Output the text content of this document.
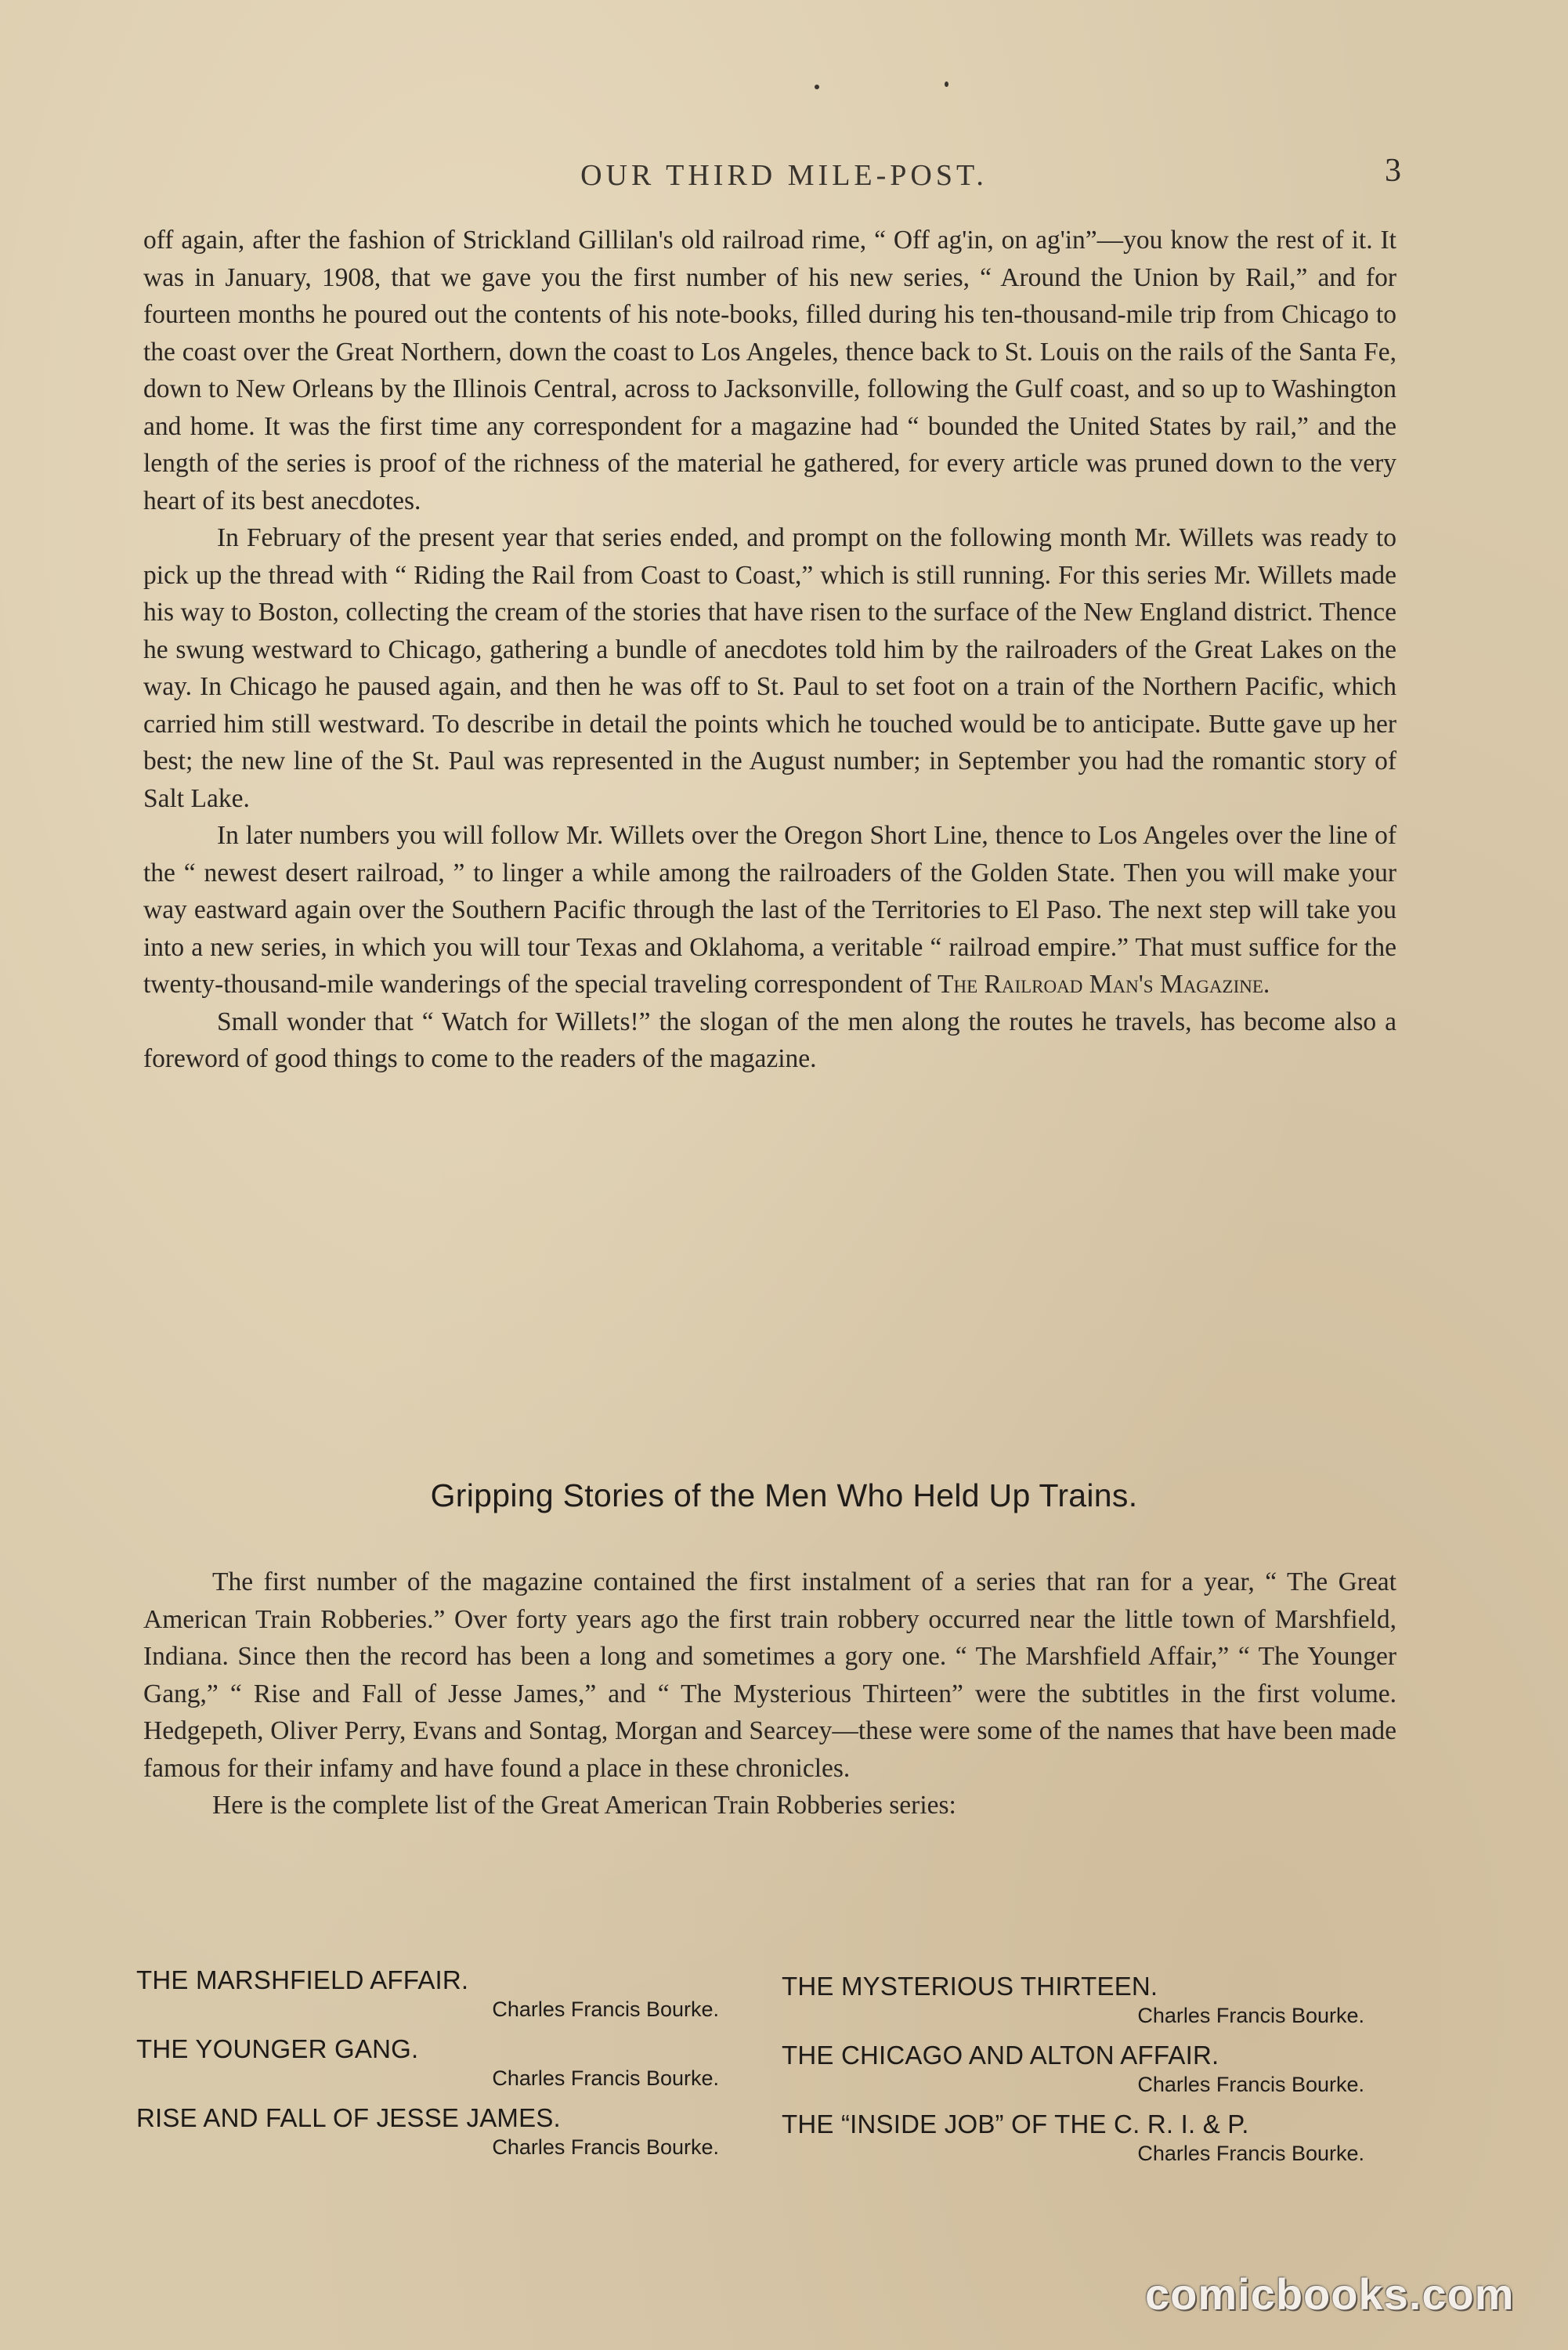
OUR THIRD MILE-POST.	3

off again, after the fashion of Strickland Gillilan's old railroad rime, “ Off ag'in, on ag'in”—you know the rest of it. It was in January, 1908, that we gave you the first number of his new series, “ Around the Union by Rail,” and for fourteen months he poured out the contents of his note-books, filled during his ten-thousand-mile trip from Chicago to the coast over the Great Northern, down the coast to Los Angeles, thence back to St. Louis on the rails of the Santa Fe, down to New Orleans by the Illinois Central, across to Jacksonville, following the Gulf coast, and so up to Washington and home. It was the first time any correspondent for a magazine had “ bounded the United States by rail,” and the length of the series is proof of the richness of the material he gathered, for every article was pruned down to the very heart of its best anecdotes.

In February of the present year that series ended, and prompt on the following month Mr. Willets was ready to pick up the thread with “ Riding the Rail from Coast to Coast,” which is still running. For this series Mr. Willets made his way to Boston, collecting the cream of the stories that have risen to the surface of the New England district. Thence he swung westward to Chicago, gathering a bundle of anecdotes told him by the railroaders of the Great Lakes on the way. In Chicago he paused again, and then he was off to St. Paul to set foot on a train of the Northern Pacific, which carried him still westward. To describe in detail the points which he touched would be to anticipate. Butte gave up her best; the new line of the St. Paul was represented in the August number; in September you had the romantic story of Salt Lake.

In later numbers you will follow Mr. Willets over the Oregon Short Line, thence to Los Angeles over the line of the “ newest desert railroad, ” to linger a while among the railroaders of the Golden State. Then you will make your way eastward again over the Southern Pacific through the last of the Territories to El Paso. The next step will take you into a new series, in which you will tour Texas and Oklahoma, a veritable “ railroad empire.” That must suffice for the twenty-thousand-mile wanderings of the special traveling correspondent of The Railroad Man's Magazine.

Small wonder that “ Watch for Willets!” the slogan of the men along the routes he travels, has become also a foreword of good things to come to the readers of the magazine.

Gripping Stories of the Men Who Held Up Trains.

The first number of the magazine contained the first instalment of a series that ran for a year, “ The Great American Train Robberies.” Over forty years ago the first train robbery occurred near the little town of Marshfield, Indiana. Since then the record has been a long and sometimes a gory one. “ The Marshfield Affair,” “ The Younger Gang,” “ Rise and Fall of Jesse James,” and “ The Mysterious Thirteen” were the subtitles in the first volume. Hedgepeth, Oliver Perry, Evans and Sontag, Morgan and Searcey—these were some of the names that have been made famous for their infamy and have found a place in these chronicles.

Here is the complete list of the Great American Train Robberies series:

THE MARSHFIELD AFFAIR.
Charles Francis Bourke.
THE YOUNGER GANG.
Charles Francis Bourke.
RISE AND FALL OF JESSE JAMES.
Charles Francis Bourke.
THE MYSTERIOUS THIRTEEN.
Charles Francis Bourke.
THE CHICAGO AND ALTON AFFAIR.
Charles Francis Bourke.
THE “INSIDE JOB” OF THE C. R. I. & P.
Charles Francis Bourke.
comicbooks.com
